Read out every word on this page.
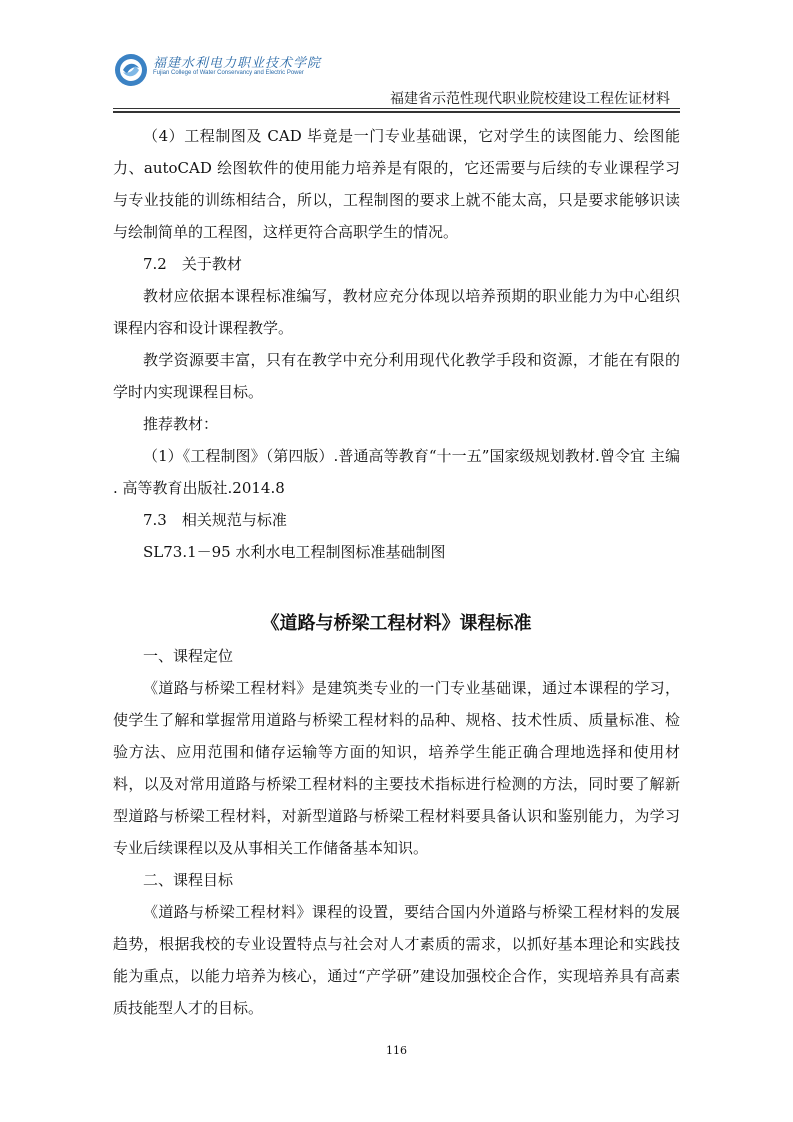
福建水利电力职业技术学院
Fujian College of Water Conservancy and Electric Power
福建省示范性现代职业院校建设工程佐证材料

（4）工程制图及 CAD 毕竟是一门专业基础课，它对学生的读图能力、绘图能力、autoCAD 绘图软件的使用能力培养是有限的，它还需要与后续的专业课程学习与专业技能的训练相结合，所以，工程制图的要求上就不能太高，只是要求能够识读与绘制简单的工程图，这样更符合高职学生的情况。

7.2　关于教材

教材应依据本课程标准编写，教材应充分体现以培养预期的职业能力为中心组织课程内容和设计课程教学。

教学资源要丰富，只有在教学中充分利用现代化教学手段和资源，才能在有限的学时内实现课程目标。

推荐教材：

（1）《工程制图》（第四版）.普通高等教育“十一五”国家级规划教材.曾令宜 主编 . 高等教育出版社.2014.8

7.3　相关规范与标准

SL73.1－95 水利水电工程制图标准基础制图

《道路与桥梁工程材料》课程标准

一、课程定位

《道路与桥梁工程材料》是建筑类专业的一门专业基础课，通过本课程的学习，使学生了解和掌握常用道路与桥梁工程材料的品种、规格、技术性质、质量标准、检验方法、应用范围和储存运输等方面的知识，培养学生能正确合理地选择和使用材料，以及对常用道路与桥梁工程材料的主要技术指标进行检测的方法，同时要了解新型道路与桥梁工程材料，对新型道路与桥梁工程材料要具备认识和鉴别能力，为学习专业后续课程以及从事相关工作储备基本知识。

二、课程目标

《道路与桥梁工程材料》课程的设置，要结合国内外道路与桥梁工程材料的发展趋势，根据我校的专业设置特点与社会对人才素质的需求，以抓好基本理论和实践技能为重点，以能力培养为核心，通过“产学研”建设加强校企合作，实现培养具有高素质技能型人才的目标。

116
